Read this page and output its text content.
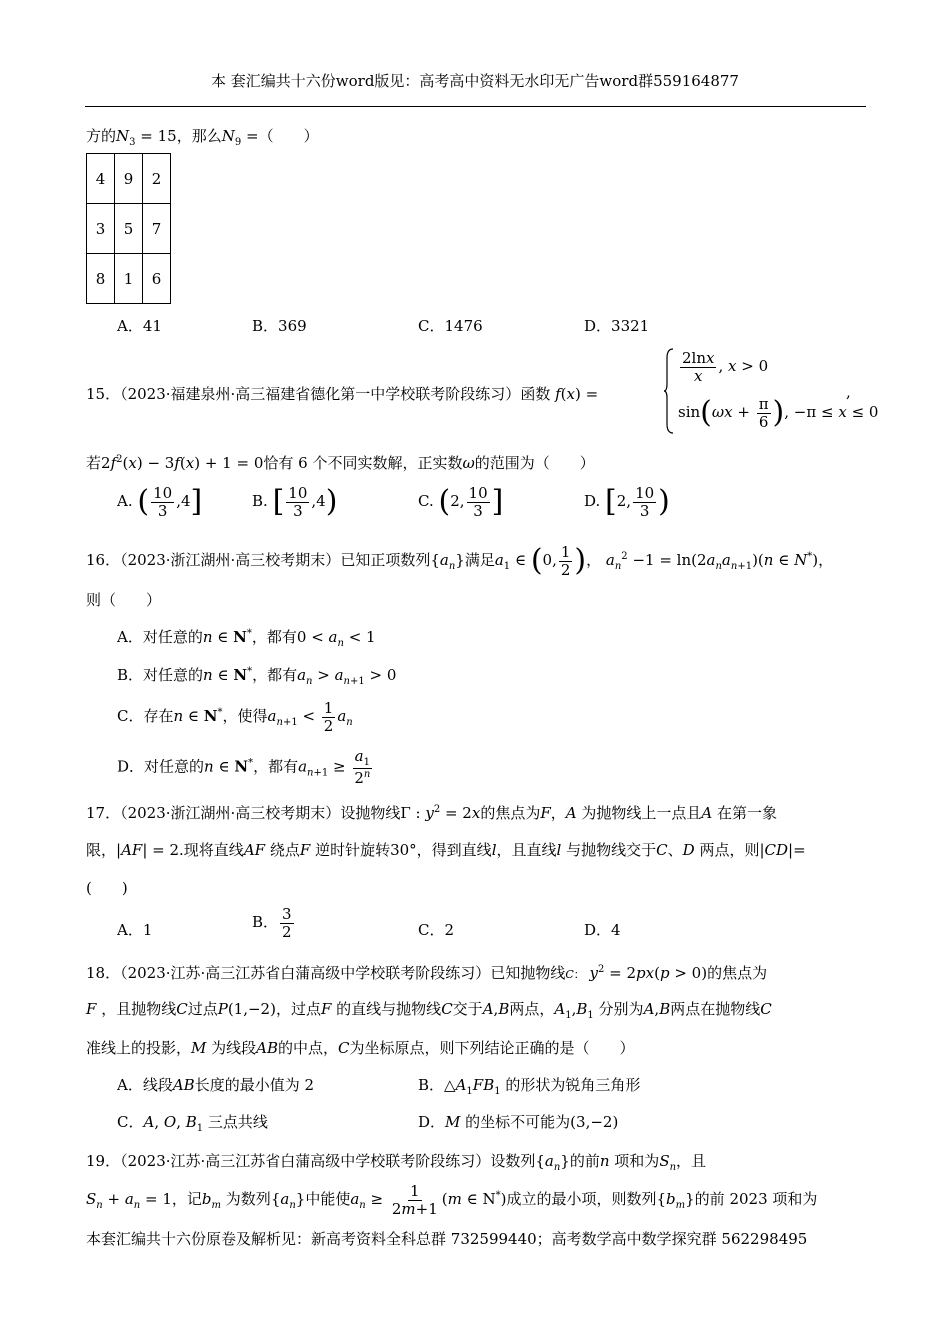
本 套汇编共十六份word版见：高考高中资料无水印无广告word群559164877
方的$N_3 = 15$，那么$N_9$ =（　　）
4	9	2
3	5	7
8	1	6
A．41	B．369	C．1476	D．3321
15．（2023·福建泉州·高三福建省德化第一中学校联考阶段练习）函数 f(x) =
$\frac{2\ln x}{x}$ , x > 0
$\sin(\omega x + \frac{\pi}{6}$ ), −π ≤ x ≤ 0
,
若$2f^2(x) - 3f(x) + 1 = 0$恰有 6 个不同实数解，正实数ω的范围为（　　）
A. ( $\frac{10}{3} ,4$]	B. [ $\frac{10}{3} ,4$)	C. (2, $\frac{10}{3}$ ]	D. [2, $\frac{10}{3}$ )
16．（2023·浙江湖州·高三校考期末）已知正项数列$\{a_n\}$满足$a_1$ ∈ (0, $\frac{1}{2}$ )， $a_n^2 -1 = \ln(2a_na_{n+1})(n$ ∈ N*)，
则（　　）
A．对任意的n ∈ N*，都有$0 < a_n < 1$
B．对任意的n ∈ N*，都有$a_n > a_{n+1} > 0$
C．存在n ∈ N*，使得$a_{n+1} < \frac{1}{2} a_n$
D．对任意的n ∈ N*，都有$a_{n+1} \ge \frac{a_1}{2^n}$
17．（2023·浙江湖州·高三校考期末）设抛物线Γ : $y^2 = 2x$的焦点为F，A 为抛物线上一点且A 在第一象
限，|AF| = 2.现将直线AF 绕点F 逆时针旋转30°，得到直线l，且直线l 与抛物线交于C、D 两点，则|CD|=
(　　)
A．1	B． $\frac{3}{2}$	C．2	D．4
18．（2023·江苏·高三江苏省白蒲高级中学校联考阶段练习）已知抛物线C： $y^2 = 2px(p > 0)$的焦点为
F ，且抛物线C过点P(1,−2)，过点F 的直线与抛物线C交于A,B两点，$A_1,B_1$ 分别为A,B两点在抛物线C
准线上的投影，M 为线段AB的中点，C为坐标原点，则下列结论正确的是（　　）
A．线段AB长度的最小值为 2	B．$\triangle A_1FB_1$ 的形状为锐角三角形
C．A, O, $B_1$ 三点共线	D．M 的坐标不可能为(3,−2)
19．（2023·江苏·高三江苏省白蒲高级中学校联考阶段练习）设数列$\{a_n\}$的前n 项和为$S_n$，且
$S_n + a_n = 1$，记$b_m$ 为数列$\{a_n\}$中能使$a_n \ge \frac{1}{2m+1} (m$ ∈ N*)成立的最小项，则数列$\{b_m\}$的前 2023 项和为
本套汇编共十六份原卷及解析见：新高考资料全科总群 732599440；高考数学高中数学探究群 562298495
